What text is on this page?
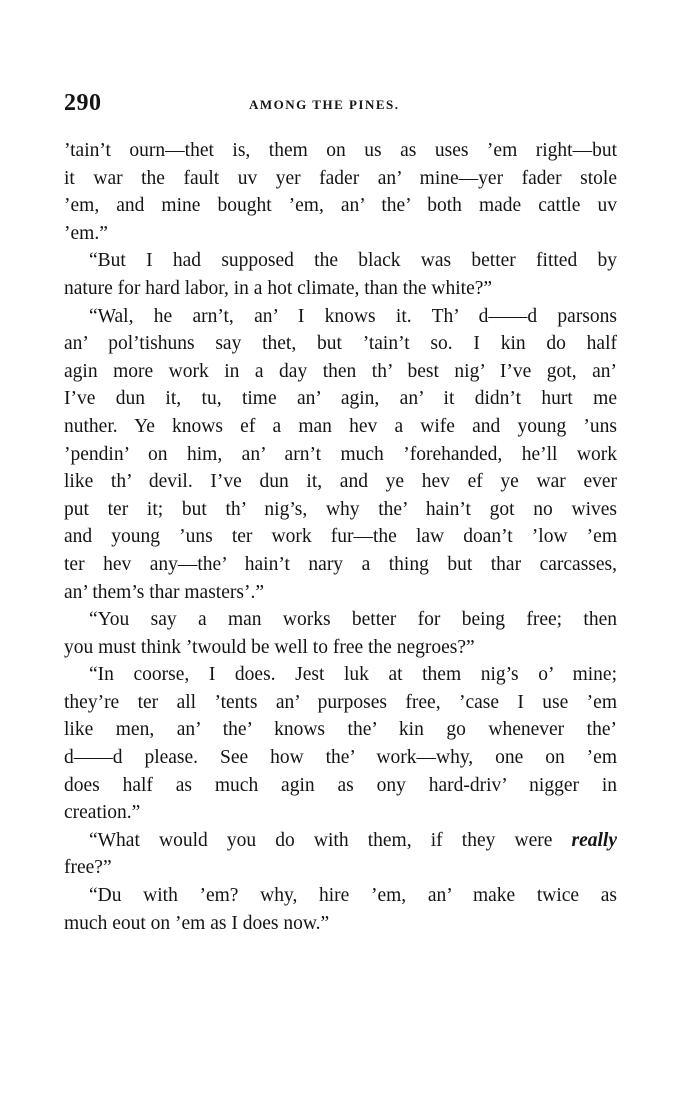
290	AMONG THE PINES.
’tain’t ourn—thet is, them on us as uses ’em right—but
it war the fault uv yer fader an’ mine—yer fader stole
’em, and mine bought ’em, an’ the’ both made cattle uv
’em.”
“But I had supposed the black was better fitted by
nature for hard labor, in a hot climate, than the white?”
“Wal, he arn’t, an’ I knows it. Th’ d——d parsons
an’ pol’tishuns say thet, but ’tain’t so. I kin do half
agin more work in a day then th’ best nig’ I’ve got, an’
I’ve dun it, tu, time an’ agin, an’ it didn’t hurt me
nuther. Ye knows ef a man hev a wife and young ’uns
’pendin’ on him, an’ arn’t much ’forehanded, he’ll work
like th’ devil. I’ve dun it, and ye hev ef ye war ever
put ter it; but th’ nig’s, why the’ hain’t got no wives
and young ’uns ter work fur—the law doan’t ’low ’em
ter hev any—the’ hain’t nary a thing but thar carcasses,
an’ them’s thar masters’.”
“You say a man works better for being free; then
you must think ’twould be well to free the negroes?”
“In coorse, I does. Jest luk at them nig’s o’ mine;
they’re ter all ’tents an’ purposes free, ’case I use ’em
like men, an’ the’ knows the’ kin go whenever the’
d——d please. See how the’ work—why, one on ’em
does half as much agin as ony hard-driv’ nigger in
creation.”
“What would you do with them, if they were really
free?”
“Du with ’em? why, hire ’em, an’ make twice as
much eout on ’em as I does now.”
